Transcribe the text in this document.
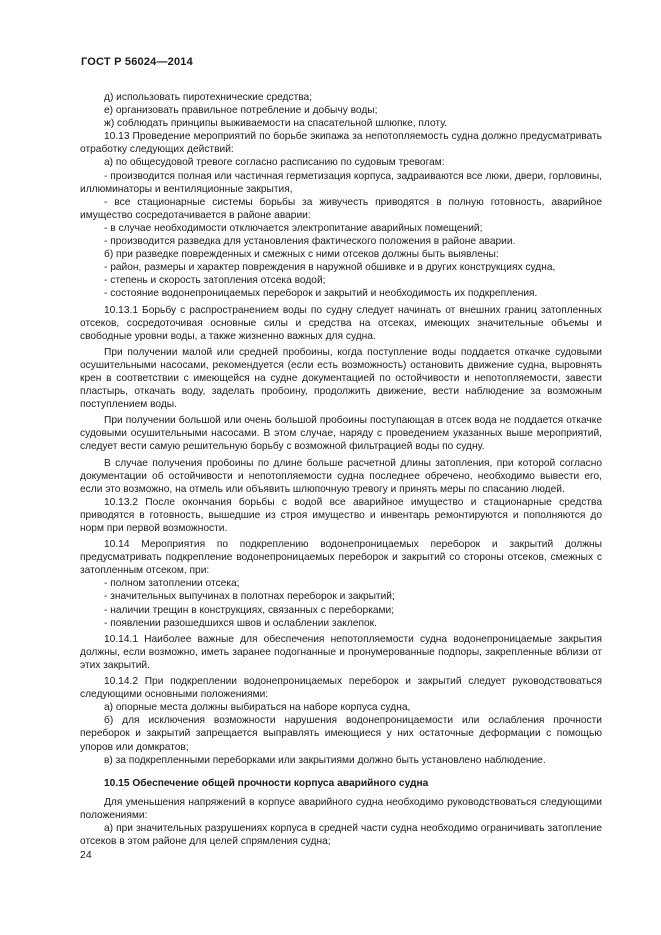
ГОСТ Р 56024—2014

д) использовать пиротехнические средства;

е) организовать правильное потребление и добычу воды;

ж) соблюдать принципы выживаемости на спасательной шлюпке, плоту.

10.13 Проведение мероприятий по борьбе экипажа за непотопляемость судна должно предусматривать отработку следующих действий:

а) по общесудовой тревоге согласно расписанию по судовым тревогам:

- производится полная или частичная герметизация корпуса, задраиваются все люки, двери, горловины, иллюминаторы и вентиляционные закрытия,

- все стационарные системы борьбы за живучесть приводятся в полную готовность, аварийное имущество сосредотачивается в районе аварии:

- в случае необходимости отключается электропитание аварийных помещений;

- производится разведка для установления фактического положения в районе аварии.

б) при разведке поврежденных и смежных с ними отсеков должны быть выявлены:

- район, размеры и характер повреждения в наружной обшивке и в других конструкциях судна,

- степень и скорость затопления отсека водой;

- состояние водонепроницаемых переборок и закрытий и необходимость их подкрепления.

10.13.1 Борьбу с распространением воды по судну следует начинать от внешних границ затопленных отсеков, сосредоточивая основные силы и средства на отсеках, имеющих значительные объемы и свободные уровни воды, а также жизненно важных для судна.

При получении малой или средней пробоины, когда поступление воды поддается откачке судовыми осушительными насосами, рекомендуется (если есть возможность) остановить движение судна, выровнять крен в соответствии с имеющейся на судне документацией по остойчивости и непотопляемости, завести пластырь, откачать воду, заделать пробоину, продолжить движение, вести наблюдение за возможным поступлением воды.

При получении большой или очень большой пробоины поступающая в отсек вода не поддается откачке судовыми осушительными насосами. В этом случае, наряду с проведением указанных выше мероприятий, следует вести самую решительную борьбу с возможной фильтрацией воды по судну.

В случае получения пробоины по длине больше расчетной длины затопления, при которой согласно документации об остойчивости и непотопляемости судна последнее обречено, необходимо вывести его, если это возможно, на отмель или объявить шлюпочную тревогу и принять меры по спасанию людей.

10.13.2 После окончания борьбы с водой все аварийное имущество и стационарные средства приводятся в готовность, вышедшие из строя имущество и инвентарь ремонтируются и пополняются до норм при первой возможности.

10.14 Мероприятия по подкреплению водонепроницаемых переборок и закрытий должны предусматривать подкрепление водонепроницаемых переборок и закрытий со стороны отсеков, смежных с затопленным отсеком, при:

- полном затоплении отсека;

- значительных выпучинах в полотнах переборок и закрытий;

- наличии трещин в конструкциях, связанных с переборками;

- появлении разошедшихся швов и ослаблении заклепок.

10.14.1 Наиболее важные для обеспечения непотопляемости судна водонепроницаемые закрытия должны, если возможно, иметь заранее подогнанные и пронумерованные подпоры, закрепленные вблизи от этих закрытий.

10.14.2 При подкреплении водонепроницаемых переборок и закрытий следует руководствоваться следующими основными положениями:

а) опорные места должны выбираться на наборе корпуса судна,

б) для исключения возможности нарушения водонепроницаемости или ослабления прочности переборок и закрытий запрещается выправлять имеющиеся у них остаточные деформации с помощью упоров или домкратов;

в) за подкрепленными переборками или закрытиями должно быть установлено наблюдение.

10.15 Обеспечение общей прочности корпуса аварийного судна

Для уменьшения напряжений в корпусе аварийного судна необходимо руководствоваться следующими положениями:

а) при значительных разрушениях корпуса в средней части судна необходимо ограничивать затопление отсеков в этом районе для целей спрямления судна;

24
